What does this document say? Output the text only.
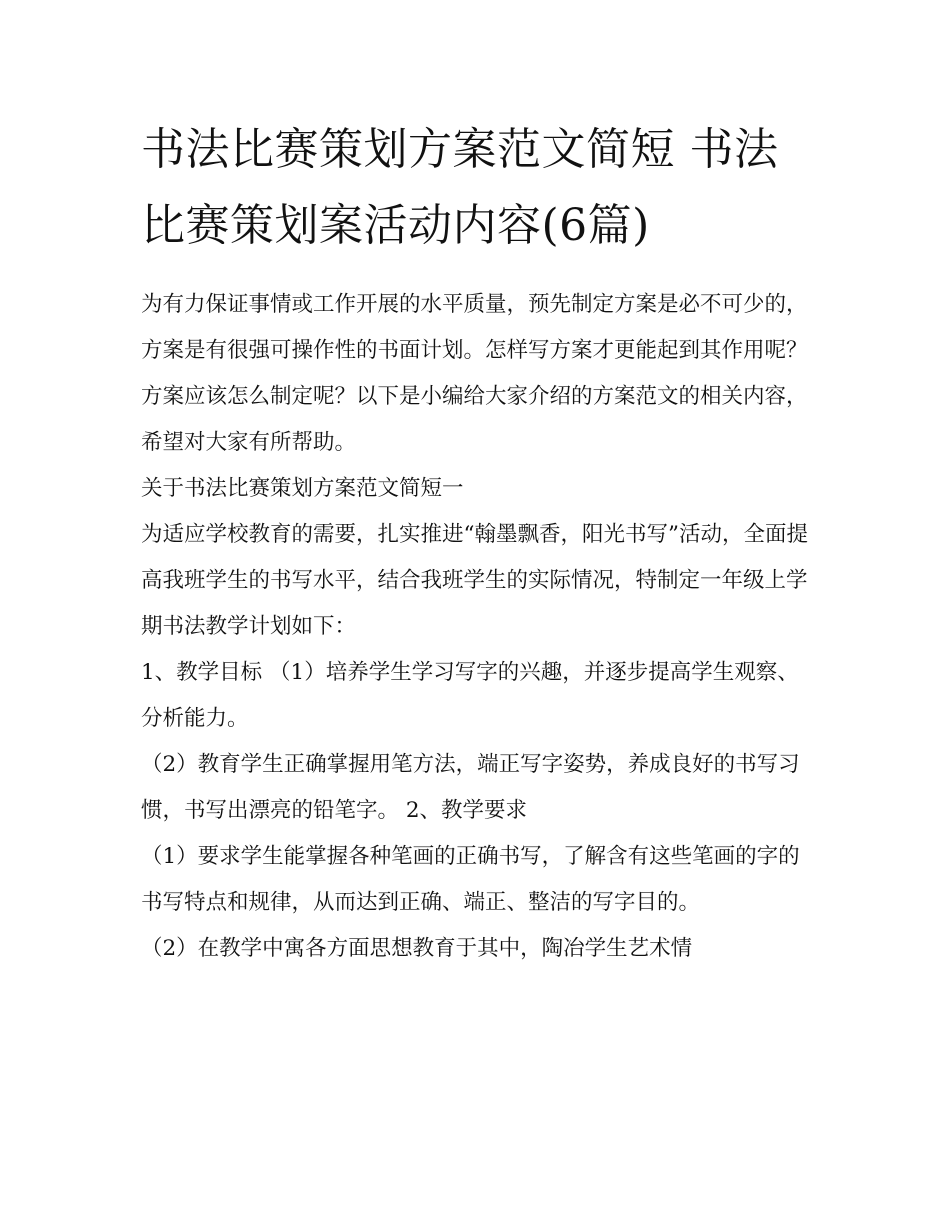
书法比赛策划方案范文简短 书法比赛策划案活动内容(6篇)

为有力保证事情或工作开展的水平质量，预先制定方案是必不可少的，方案是有很强可操作性的书面计划。怎样写方案才更能起到其作用呢？方案应该怎么制定呢？以下是小编给大家介绍的方案范文的相关内容，希望对大家有所帮助。

关于书法比赛策划方案范文简短一

为适应学校教育的需要，扎实推进“翰墨飘香，阳光书写”活动，全面提高我班学生的书写水平，结合我班学生的实际情况，特制定一年级上学期书法教学计划如下：

1、教学目标 （1）培养学生学习写字的兴趣，并逐步提高学生观察、分析能力。

（2）教育学生正确掌握用笔方法，端正写字姿势，养成良好的书写习惯，书写出漂亮的铅笔字。 2、教学要求

（1）要求学生能掌握各种笔画的正确书写，了解含有这些笔画的字的书写特点和规律，从而达到正确、端正、整洁的写字目的。

（2）在教学中寓各方面思想教育于其中，陶冶学生艺术情
